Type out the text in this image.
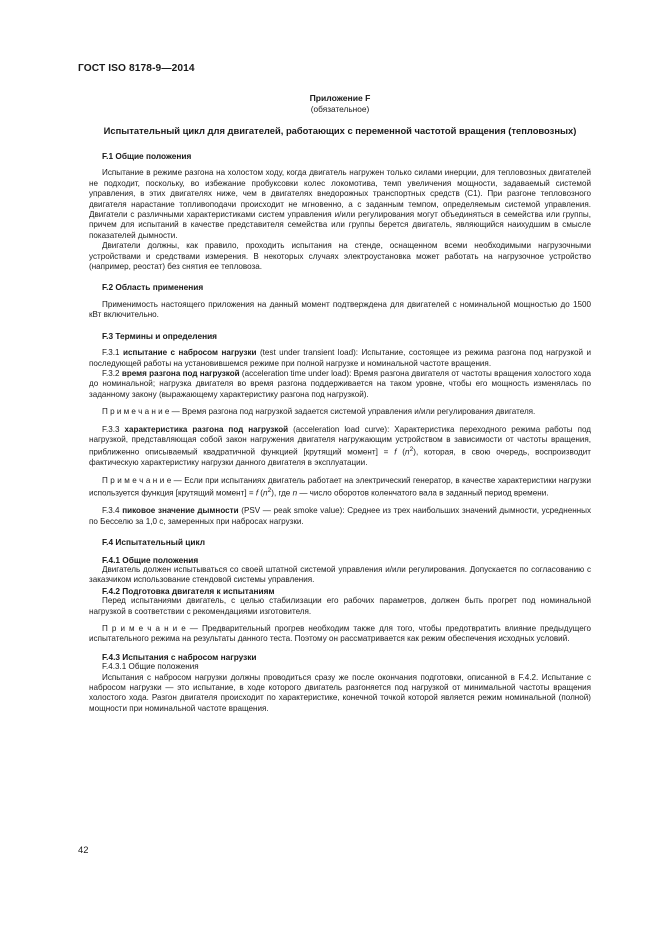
ГОСТ ISO 8178-9—2014
Приложение F
(обязательное)
Испытательный цикл для двигателей, работающих с переменной частотой вращения (тепловозных)
F.1 Общие положения

Испытание в режиме разгона на холостом ходу, когда двигатель нагружен только силами инерции, для тепловозных двигателей не подходит, поскольку, во избежание пробуксовки колес локомотива, темп увеличения мощности, задаваемый системой управления, в этих двигателях ниже, чем в двигателях внедорожных транспортных средств (С1). При разгоне тепловозного двигателя нарастание топливоподачи происходит не мгновенно, а с заданным темпом, определяемым системой управления. Двигатели с различными характеристиками систем управления и/или регулирования могут объединяться в семейства или группы, причем для испытаний в качестве представителя семейства или группы берется двигатель, являющийся наихудшим в смысле показателей дымности.

Двигатели должны, как правило, проходить испытания на стенде, оснащенном всеми необходимыми нагрузочными устройствами и средствами измерения. В некоторых случаях электроустановка может работать на нагрузочное устройство (например, реостат) без снятия ее тепловоза.

F.2 Область применения

Применимость настоящего приложения на данный момент подтверждена для двигателей с номинальной мощностью до 1500 кВт включительно.

F.3 Термины и определения

F.3.1 испытание с набросом нагрузки (test under transient load): Испытание, состоящее из режима разгона под нагрузкой и последующей работы на установившемся режиме при полной нагрузке и номинальной частоте вращения.

F.3.2 время разгона под нагрузкой (acceleration time under load): Время разгона двигателя от частоты вращения холостого хода до номинальной; нагрузка двигателя во время разгона поддерживается на таком уровне, чтобы его мощность изменялась по заданному закону (выражающему характеристику разгона под нагрузкой).

П р и м е ч а н и е — Время разгона под нагрузкой задается системой управления и/или регулирования двигателя.

F.3.3 характеристика разгона под нагрузкой (acceleration load curve): Характеристика переходного режима работы под нагрузкой, представляющая собой закон нагружения двигателя нагружающим устройством в зависимости от частоты вращения, приближенно описываемый квадратичной функцией [крутящий момент] = f $(n^2)$, которая, в свою очередь, воспроизводит фактическую характеристику нагрузки данного двигателя в эксплуатации.

П р и м е ч а н и е — Если при испытаниях двигатель работает на электрический генератор, в качестве характеристики нагрузки используется функция [крутящий момент] = f $(n^2)$, где n — число оборотов коленчатого вала в заданный период времени.

F.3.4 пиковое значение дымности (PSV — peak smoke value): Среднее из трех наибольших значений дымности, усредненных по Бесселю за 1,0 с, замеренных при набросах нагрузки.

F.4 Испытательный цикл
F.4.1 Общие положения

Двигатель должен испытываться со своей штатной системой управления и/или регулирования. Допускается по согласованию с заказчиком использование стендовой системы управления.

F.4.2 Подготовка двигателя к испытаниям

Перед испытаниями двигатель, с целью стабилизации его рабочих параметров, должен быть прогрет под номинальной нагрузкой в соответствии с рекомендациями изготовителя.

П р и м е ч а н и е — Предварительный прогрев необходим также для того, чтобы предотвратить влияние предыдущего испытательного режима на результаты данного теста. Поэтому он рассматривается как режим обеспечения исходных условий.

F.4.3 Испытания с набросом нагрузки
F.4.3.1 Общие положения

Испытания с набросом нагрузки должны проводиться сразу же после окончания подготовки, описанной в F.4.2. Испытание с набросом нагрузки — это испытание, в ходе которого двигатель разгоняется под нагрузкой от минимальной частоты вращения холостого хода. Разгон двигателя происходит по характеристике, конечной точкой которой является режим номинальной (полной) мощности при номинальной частоте вращения.

42
